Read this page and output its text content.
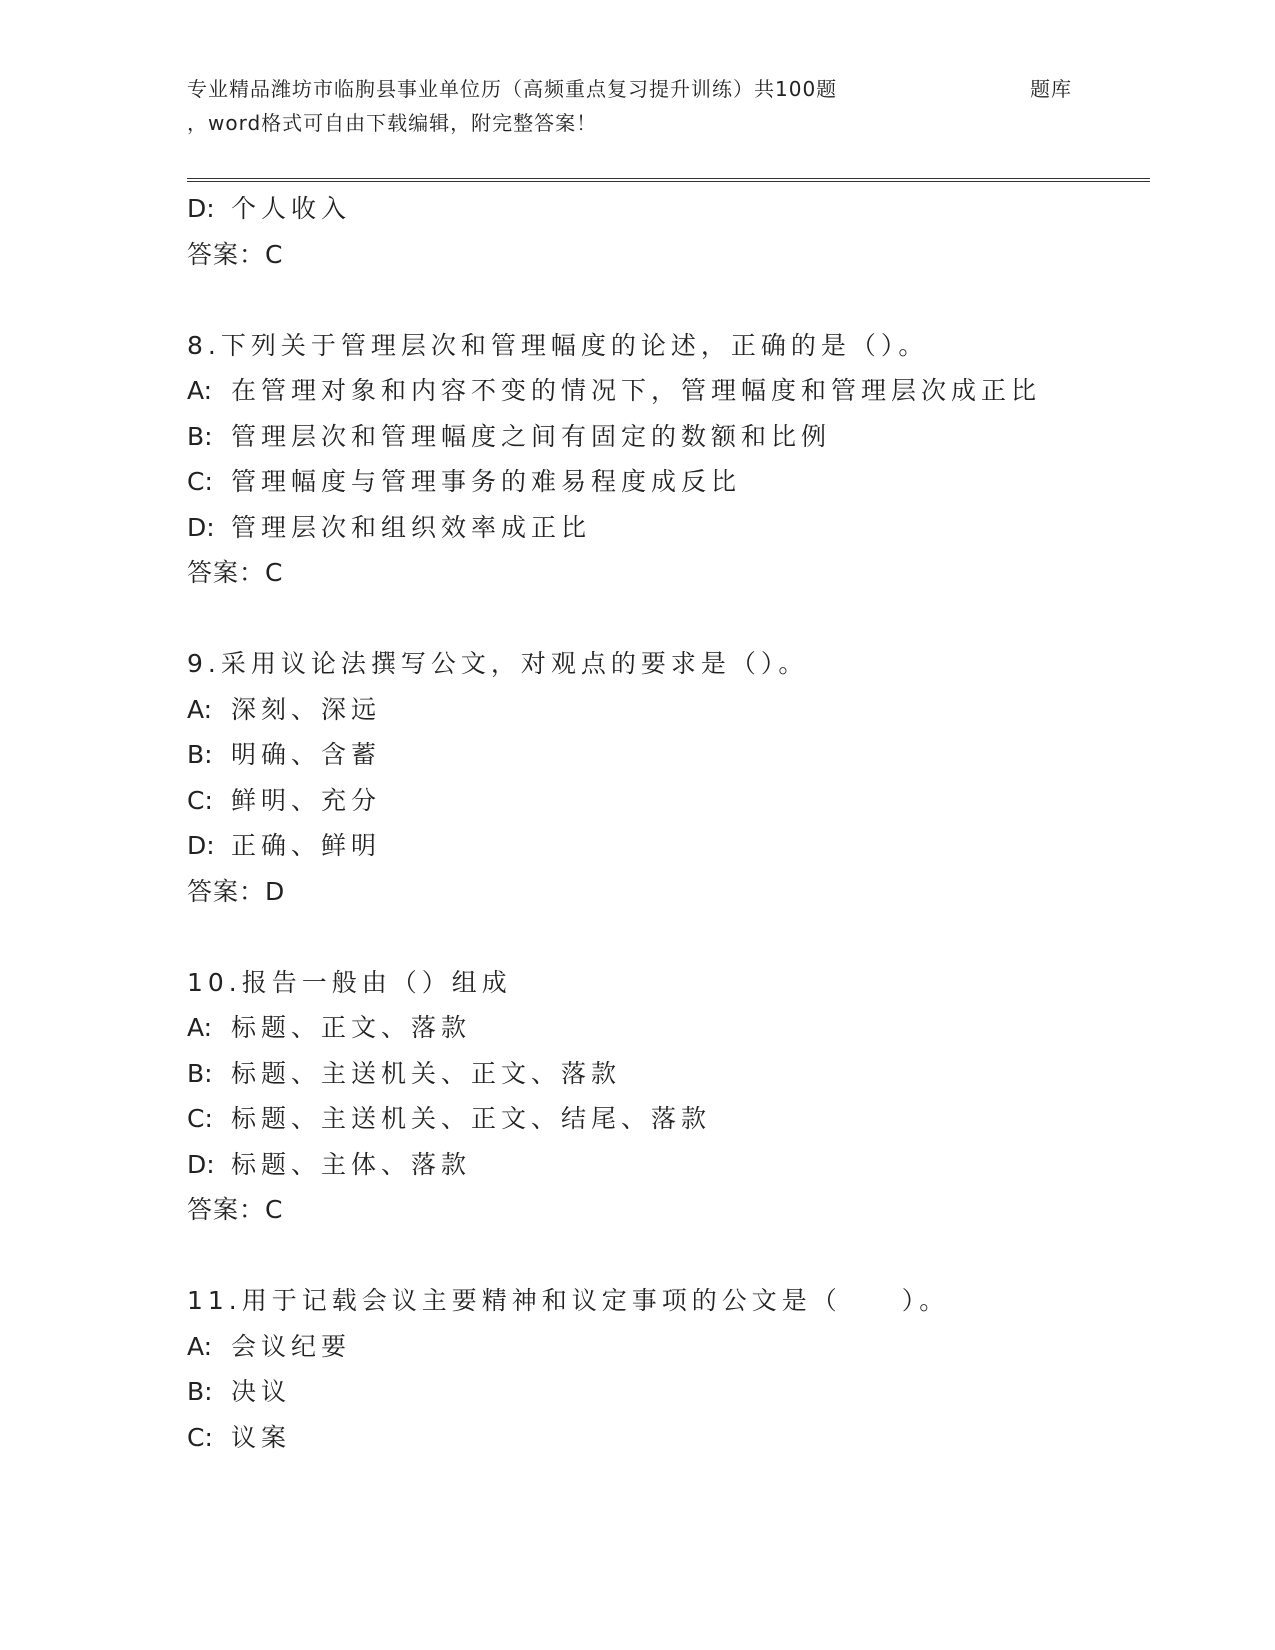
专业精品潍坊市临朐县事业单位历（高频重点复习提升训练）共100题	题库
，word格式可自由下载编辑，附完整答案！
D: 个人收入
答案：C
8.下列关于管理层次和管理幅度的论述，正确的是（）。
A: 在管理对象和内容不变的情况下，管理幅度和管理层次成正比
B: 管理层次和管理幅度之间有固定的数额和比例
C: 管理幅度与管理事务的难易程度成反比
D: 管理层次和组织效率成正比
答案：C
9.采用议论法撰写公文，对观点的要求是（）。
A: 深刻、深远
B: 明确、含蓄
C: 鲜明、充分
D: 正确、鲜明
答案：D
10.报告一般由（）组成
A: 标题、正文、落款
B: 标题、主送机关、正文、落款
C: 标题、主送机关、正文、结尾、落款
D: 标题、主体、落款
答案：C
11.用于记载会议主要精神和议定事项的公文是（　　）。
A: 会议纪要
B: 决议
C: 议案
